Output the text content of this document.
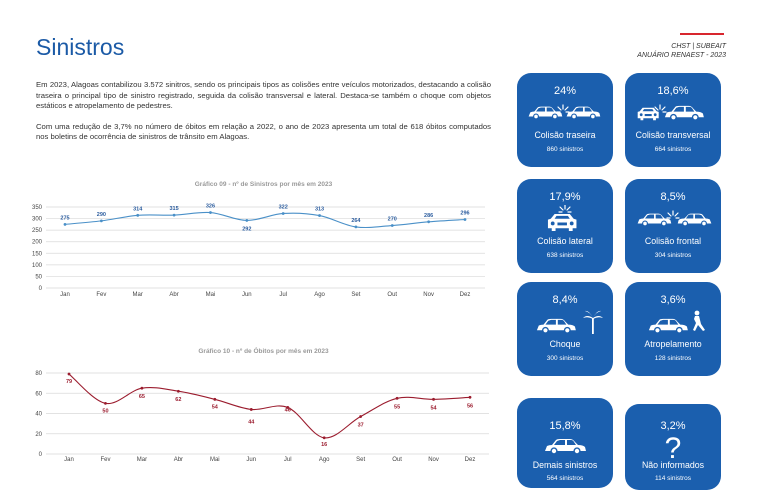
Sinistros	CHST | SUBEAIT
ANUÁRIO RENAEST - 2023

Em 2023, Alagoas contabilizou 3.572 sinitros, sendo os principais tipos as colisões entre veículos motorizados, destacando a colisão traseira o principal tipo de sinistro registrado, seguida da colisão transversal e lateral. Destaca-se também o choque com objetos estáticos e atropelamento de pedestres.

Com uma redução de 3,7% no número de óbitos em relação a 2022, o ano de 2023 apresenta um total de 618 óbitos computados nos boletins de ocorrência de sinistros de trânsito em Alagoas.

Gráfico 09 - nº de Sinistros por mês em 2023
0
50
100
150
200
250
300
350
Jan	Fev	Mar	Abr	Mai	Jun	Jul	Ago	Set	Out	Nov	Dez
275
290
314	315	326
292
322	313
264	270
286	296
Gráfico 10 - nº de Óbitos por mês em 2023
0
20
40
60
80
Jan	Fev	Mar	Abr	Mai	Jun	Jul	Ago	Set	Out	Nov	Dez
79
50
65
62
54
44
46
16
37
55	54	56
24%
Colisão traseira
860 sinistros
18,6%
Colisão transversal
664 sinistros
17,9%
Colisão lateral
638 sinistros
8,5%
Colisão frontal
304 sinistros
8,4%
Choque
300 sinistros
3,6%
Atropelamento
128 sinistros
15,8%
Demais sinistros
564 sinistros
3,2%
?
Não informados
114 sinistros
